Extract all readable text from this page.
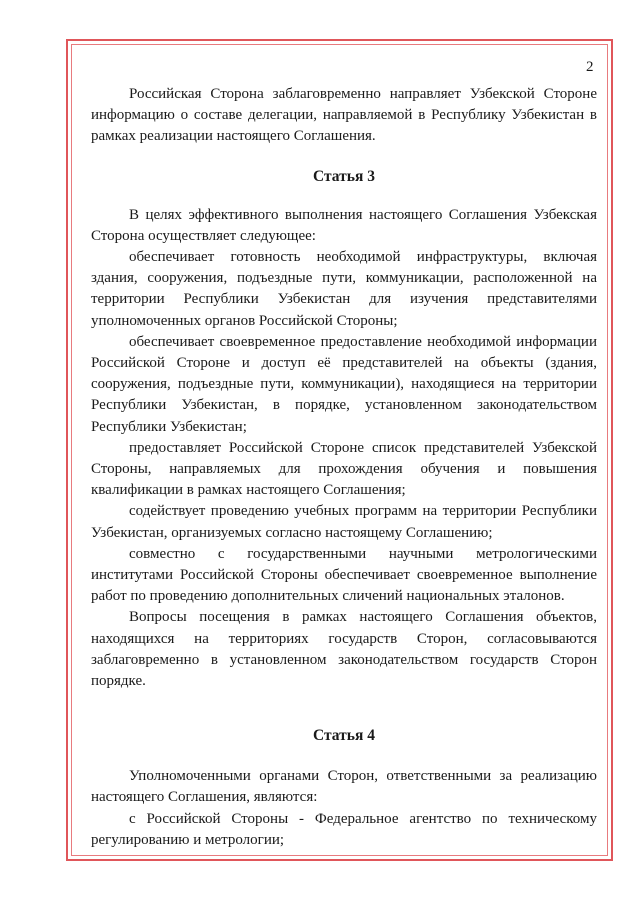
2

Российская Сторона заблаговременно направляет Узбекской Стороне информацию о составе делегации, направляемой в Республику Узбекистан в рамках реализации настоящего Соглашения.

Статья 3

В целях эффективного выполнения настоящего Соглашения Узбекская Сторона осуществляет следующее:

обеспечивает готовность необходимой инфраструктуры, включая здания, сооружения, подъездные пути, коммуникации, расположенной на территории Республики Узбекистан для изучения представителями уполномоченных органов Российской Стороны;

обеспечивает своевременное предоставление необходимой информации Российской Стороне и доступ её представителей на объекты (здания, сооружения, подъездные пути, коммуникации), находящиеся на территории Республики Узбекистан, в порядке, установленном законодательством Республики Узбекистан;

предоставляет Российской Стороне список представителей Узбекской Стороны, направляемых для прохождения обучения и повышения квалификации в рамках настоящего Соглашения;

содействует проведению учебных программ на территории Республики Узбекистан, организуемых согласно настоящему Соглашению;

совместно с государственными научными метрологическими институтами Российской Стороны обеспечивает своевременное выполнение работ по проведению дополнительных сличений национальных эталонов.

Вопросы посещения в рамках настоящего Соглашения объектов, находящихся на территориях государств Сторон, согласовываются заблаговременно в установленном законодательством государств Сторон порядке.

Статья 4

Уполномоченными органами Сторон, ответственными за реализацию настоящего Соглашения, являются:

с Российской Стороны - Федеральное агентство по техническому регулированию и метрологии;
